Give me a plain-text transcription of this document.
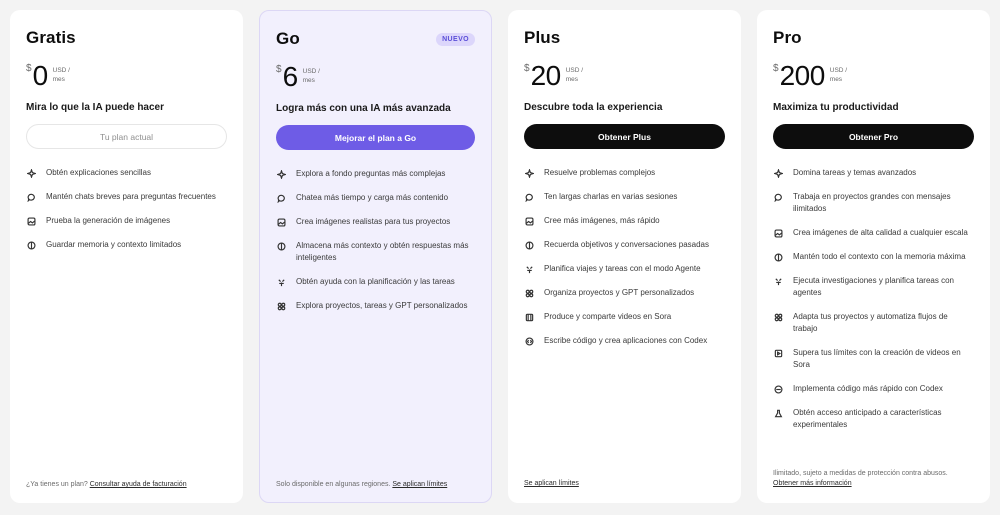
Gratis
$ 0 USD /
mes
Mira lo que la IA puede hacer
Tu plan actual
Obtén explicaciones sencillas
Mantén chats breves para preguntas frecuentes
Prueba la generación de imágenes
Guardar memoria y contexto limitados
¿Ya tienes un plan? Consultar ayuda de facturación
Go	NUEVO
$ 6 USD /
mes
Logra más con una IA más avanzada
Mejorar el plan a Go
Explora a fondo preguntas más complejas
Chatea más tiempo y carga más contenido
Crea imágenes realistas para tus proyectos
Almacena más contexto y obtén respuestas más inteligentes
Obtén ayuda con la planificación y las tareas
Explora proyectos, tareas y GPT personalizados
Solo disponible en algunas regiones. Se aplican límites
Plus
$ 20 USD /
mes
Descubre toda la experiencia
Obtener Plus
Resuelve problemas complejos
Ten largas charlas en varias sesiones
Cree más imágenes, más rápido
Recuerda objetivos y conversaciones pasadas
Planifica viajes y tareas con el modo Agente
Organiza proyectos y GPT personalizados
Produce y comparte videos en Sora
Escribe código y crea aplicaciones con Codex
Se aplican límites
Pro
$ 200 USD /
mes
Maximiza tu productividad
Obtener Pro
Domina tareas y temas avanzados
Trabaja en proyectos grandes con mensajes ilimitados
Crea imágenes de alta calidad a cualquier escala
Mantén todo el contexto con la memoria máxima
Ejecuta investigaciones y planifica tareas con agentes
Adapta tus proyectos y automatiza flujos de trabajo
Supera tus límites con la creación de videos en Sora
Implementa código más rápido con Codex
Obtén acceso anticipado a características experimentales
Ilimitado, sujeto a medidas de protección contra abusos.
Obtener más información
